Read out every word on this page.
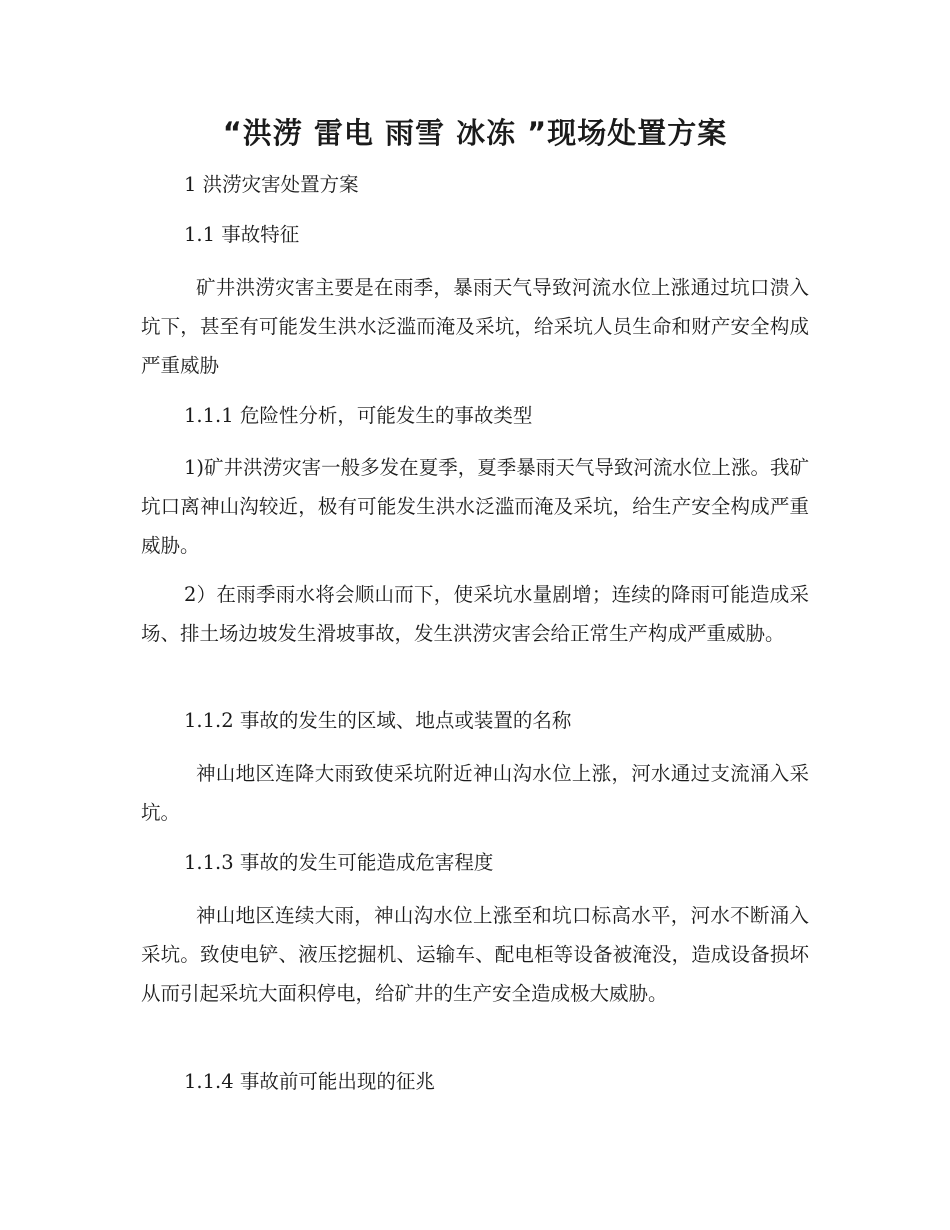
“洪涝 雷电 雨雪 冰冻 ”现场处置方案

1 洪涝灾害处置方案

1.1 事故特征

矿井洪涝灾害主要是在雨季，暴雨天气导致河流水位上涨通过坑口溃入坑下，甚至有可能发生洪水泛滥而淹及采坑，给采坑人员生命和财产安全构成严重威胁

1.1.1 危险性分析，可能发生的事故类型

1)矿井洪涝灾害一般多发在夏季，夏季暴雨天气导致河流水位上涨。我矿坑口离神山沟较近，极有可能发生洪水泛滥而淹及采坑，给生产安全构成严重威胁。

2）在雨季雨水将会顺山而下，使采坑水量剧增；连续的降雨可能造成采场、排土场边坡发生滑坡事故，发生洪涝灾害会给正常生产构成严重威胁。

1.1.2 事故的发生的区域、地点或装置的名称

神山地区连降大雨致使采坑附近神山沟水位上涨，河水通过支流涌入采坑。

1.1.3 事故的发生可能造成危害程度

神山地区连续大雨，神山沟水位上涨至和坑口标高水平，河水不断涌入采坑。致使电铲、液压挖掘机、运输车、配电柜等设备被淹没，造成设备损坏从而引起采坑大面积停电，给矿井的生产安全造成极大威胁。

1.1.4 事故前可能出现的征兆
